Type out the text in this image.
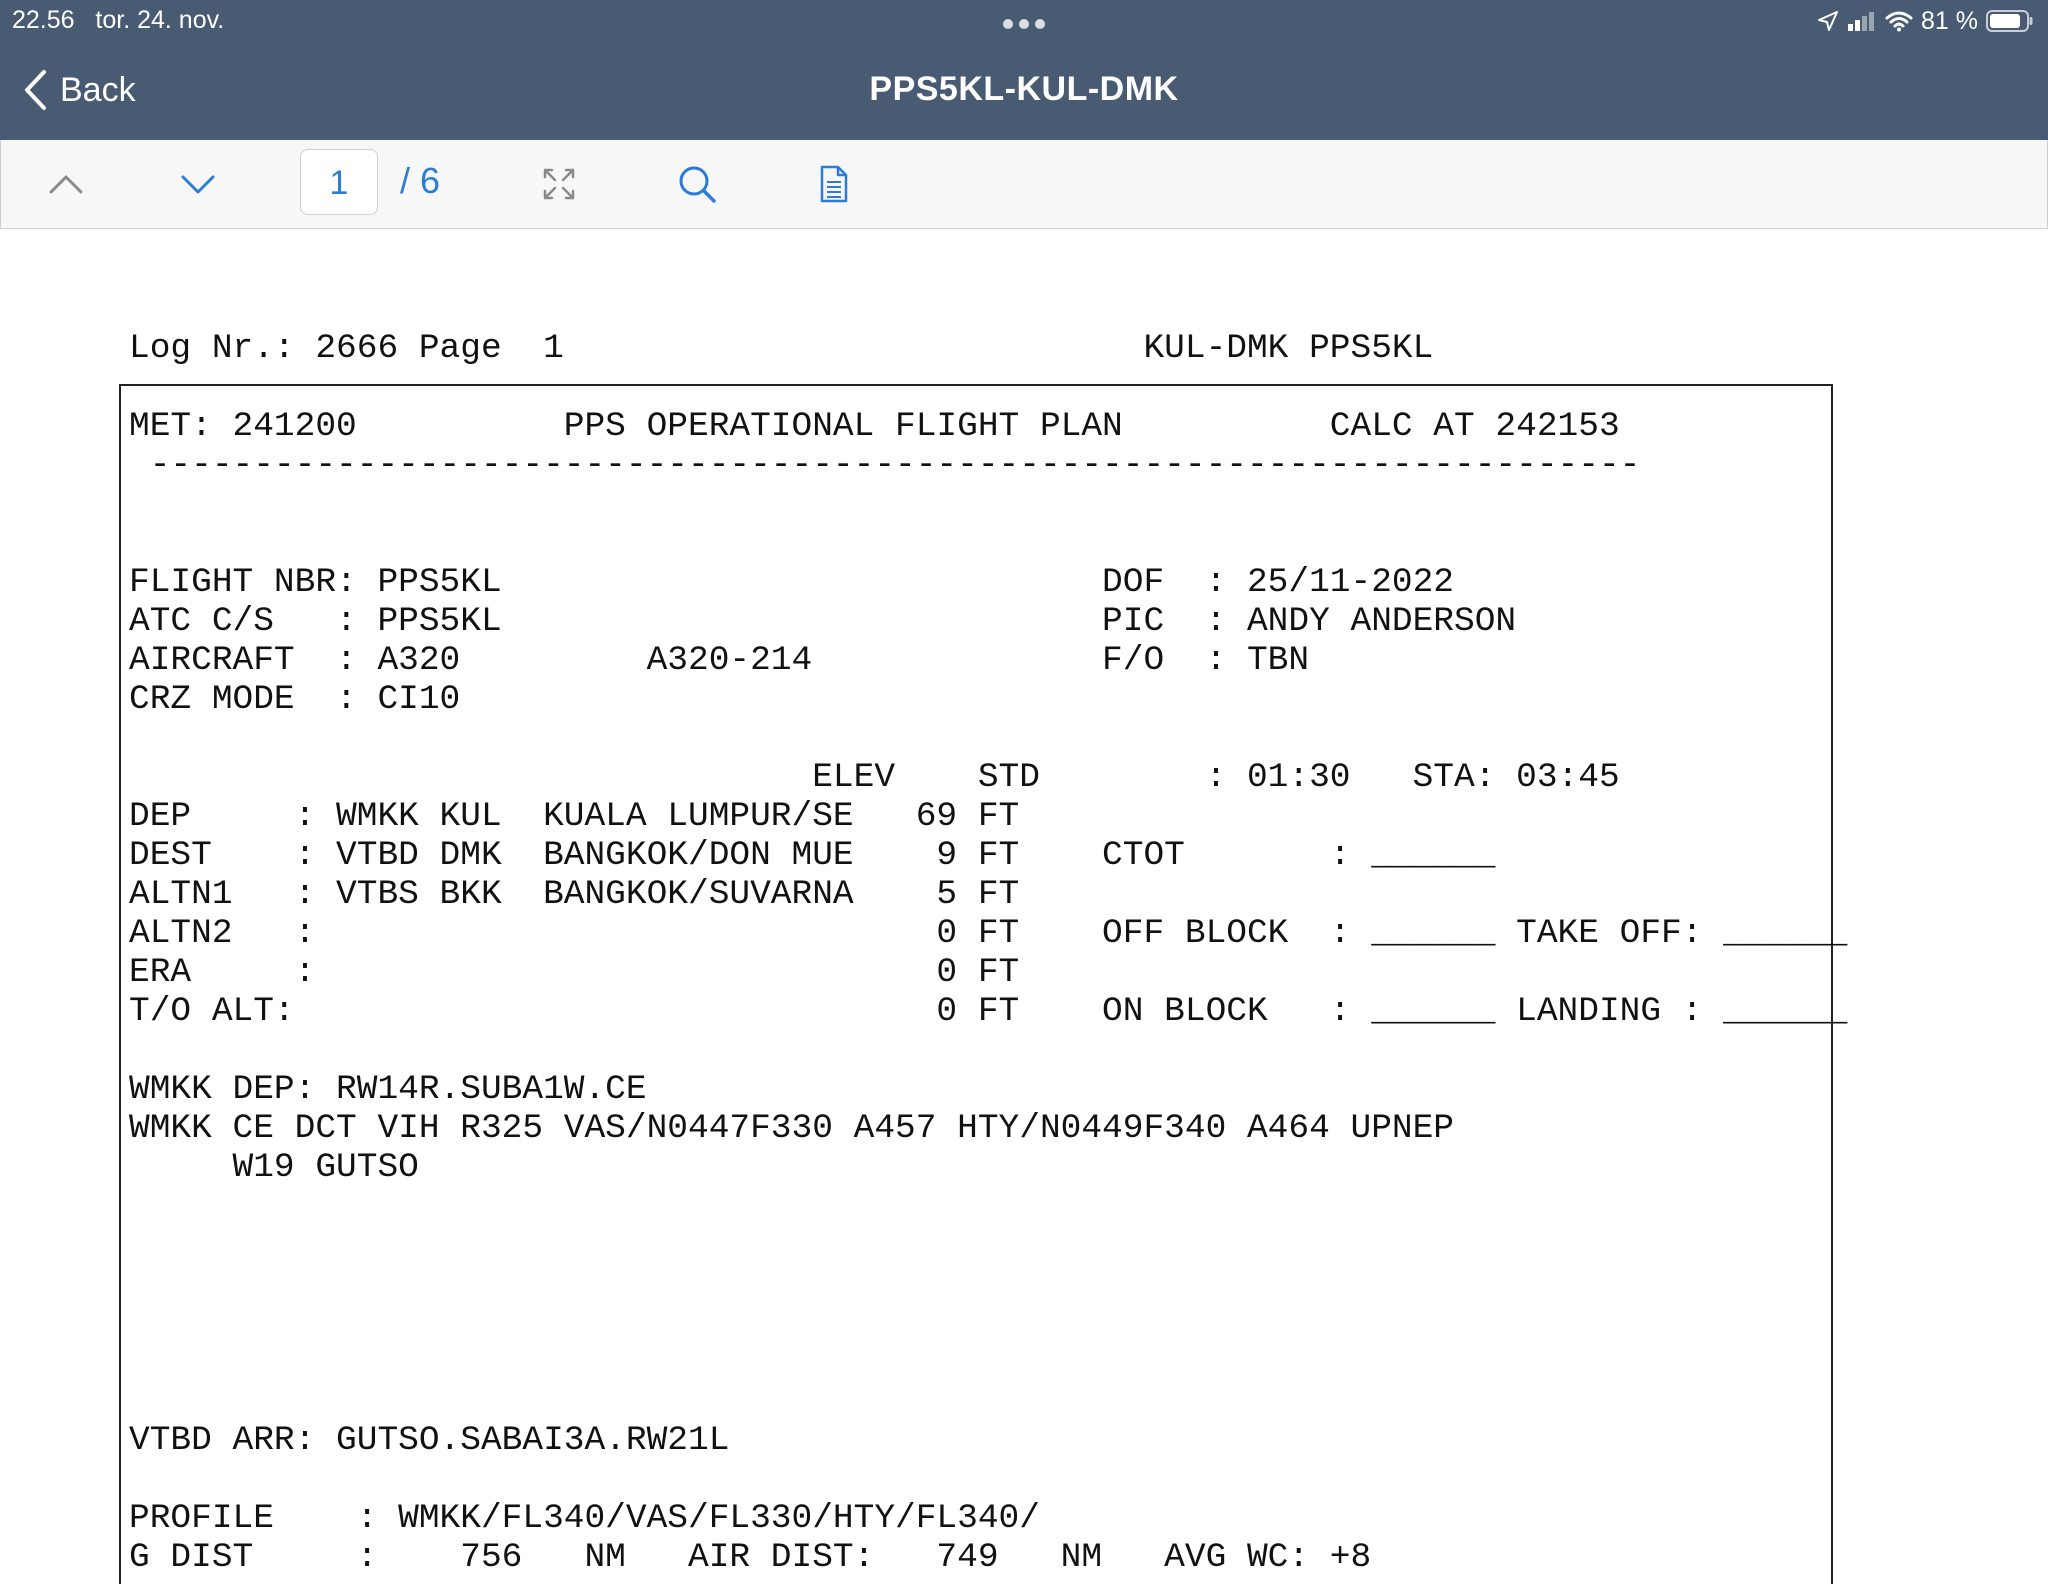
22.56 tor. 24. nov.	81 %
Back	PPS5KL-KUL-DMK
1	/ 6
Log Nr.: 2666 Page  1                            KUL-DMK PPS5KL
MET: 241200          PPS OPERATIONAL FLIGHT PLAN          CALC AT 242153
------------------------------------------------------------------------

FLIGHT NBR: PPS5KL                             DOF  : 25/11-2022
ATC C/S   : PPS5KL                             PIC  : ANDY ANDERSON
AIRCRAFT  : A320         A320-214              F/O  : TBN
CRZ MODE  : CI10

ELEV    STD        : 01:30   STA: 03:45
DEP     : WMKK KUL  KUALA LUMPUR/SE   69 FT
DEST    : VTBD DMK  BANGKOK/DON MUE    9 FT    CTOT       : ______
ALTN1   : VTBS BKK  BANGKOK/SUVARNA    5 FT
ALTN2   :                              0 FT    OFF BLOCK  : ______ TAKE OFF: ______
ERA     :                              0 FT
T/O ALT:                               0 FT    ON BLOCK   : ______ LANDING : ______

WMKK DEP: RW14R.SUBA1W.CE
WMKK CE DCT VIH R325 VAS/N0447F330 A457 HTY/N0449F340 A464 UPNEP
W19 GUTSO

VTBD ARR: GUTSO.SABAI3A.RW21L

PROFILE    : WMKK/FL340/VAS/FL330/HTY/FL340/
G DIST     :    756   NM   AIR DIST:   749   NM   AVG WC: +8
